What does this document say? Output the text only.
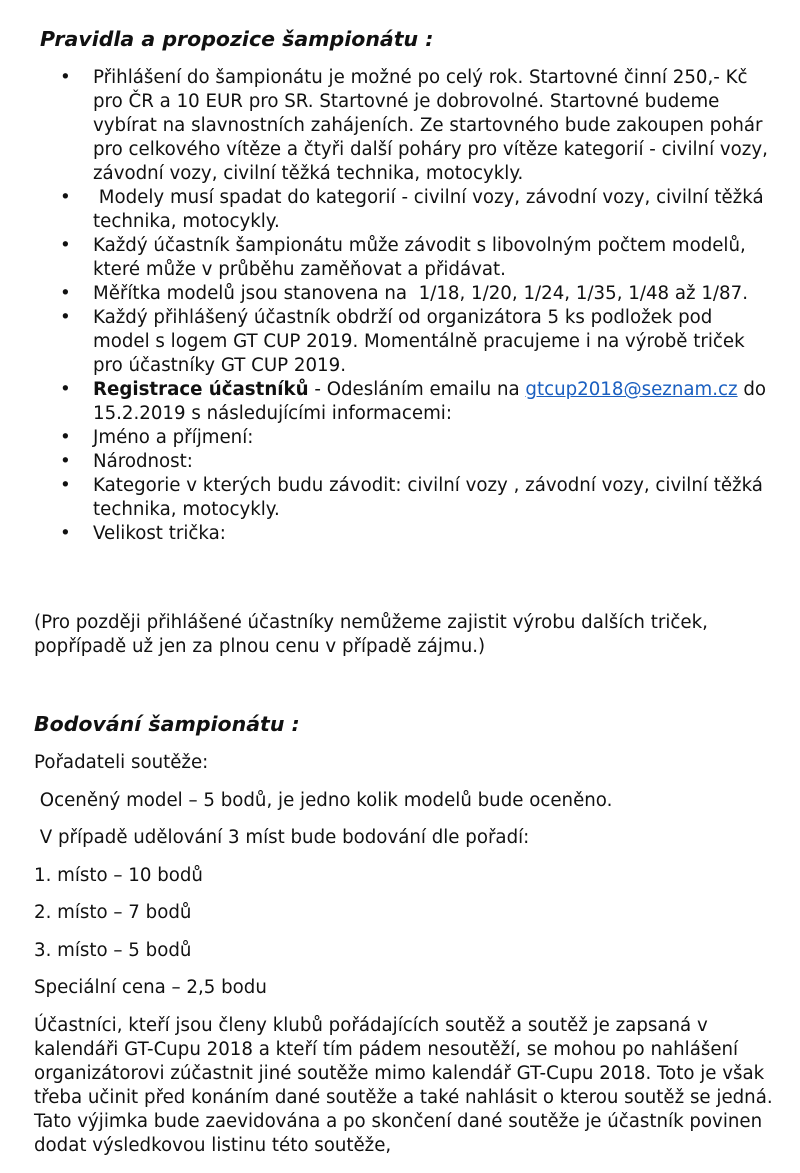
Pravidla a propozice šampionátu :
• Přihlášení do šampionátu je možné po celý rok. Startovné činní 250,- Kč pro ČR a 10 EUR pro SR. Startovné je dobrovolné. Startovné budeme vybírat na slavnostních zahájeních. Ze startovného bude zakoupen pohár pro celkového vítěze a čtyři další poháry pro vítěze kategorií - civilní vozy, závodní vozy, civilní těžká technika, motocykly.
•  Modely musí spadat do kategorií - civilní vozy, závodní vozy, civilní těžká technika, motocykly.
• Každý účastník šampionátu může závodit s libovolným počtem modelů, které může v průběhu zaměňovat a přidávat.
• Měřítka modelů jsou stanovena na  1/18, 1/20, 1/24, 1/35, 1/48 až 1/87.
• Každý přihlášený účastník obdrží od organizátora 5 ks podložek pod model s logem GT CUP 2019. Momentálně pracujeme i na výrobě triček pro účastníky GT CUP 2019.
• Registrace účastníků - Odesláním emailu na gtcup2018@seznam.cz do 15.2.2019 s následujícími informacemi:
• Jméno a příjmení:
• Národnost:
• Kategorie v kterých budu závodit: civilní vozy , závodní vozy, civilní těžká technika, motocykly.
• Velikost trička:

(Pro později přihlášené účastníky nemůžeme zajistit výrobu dalších triček, popřípadě už jen za plnou cenu v případě zájmu.)

Bodování šampionátu :

Pořadateli soutěže:

Oceněný model – 5 bodů, je jedno kolik modelů bude oceněno.

V případě udělování 3 míst bude bodování dle pořadí:

1. místo – 10 bodů

2. místo – 7 bodů

3. místo – 5 bodů

Speciální cena – 2,5 bodu

Účastníci, kteří jsou členy klubů pořádajících soutěž a soutěž je zapsaná v kalendáři GT-Cupu 2018 a kteří tím pádem nesoutěží, se mohou po nahlášení organizátorovi zúčastnit jiné soutěže mimo kalendář GT-Cupu 2018. Toto je však třeba učinit před konáním dané soutěže a také nahlásit o kterou soutěž se jedná. Tato výjimka bude zaevidována a po skončení dané soutěže je účastník povinen dodat výsledkovou listinu této soutěže,
